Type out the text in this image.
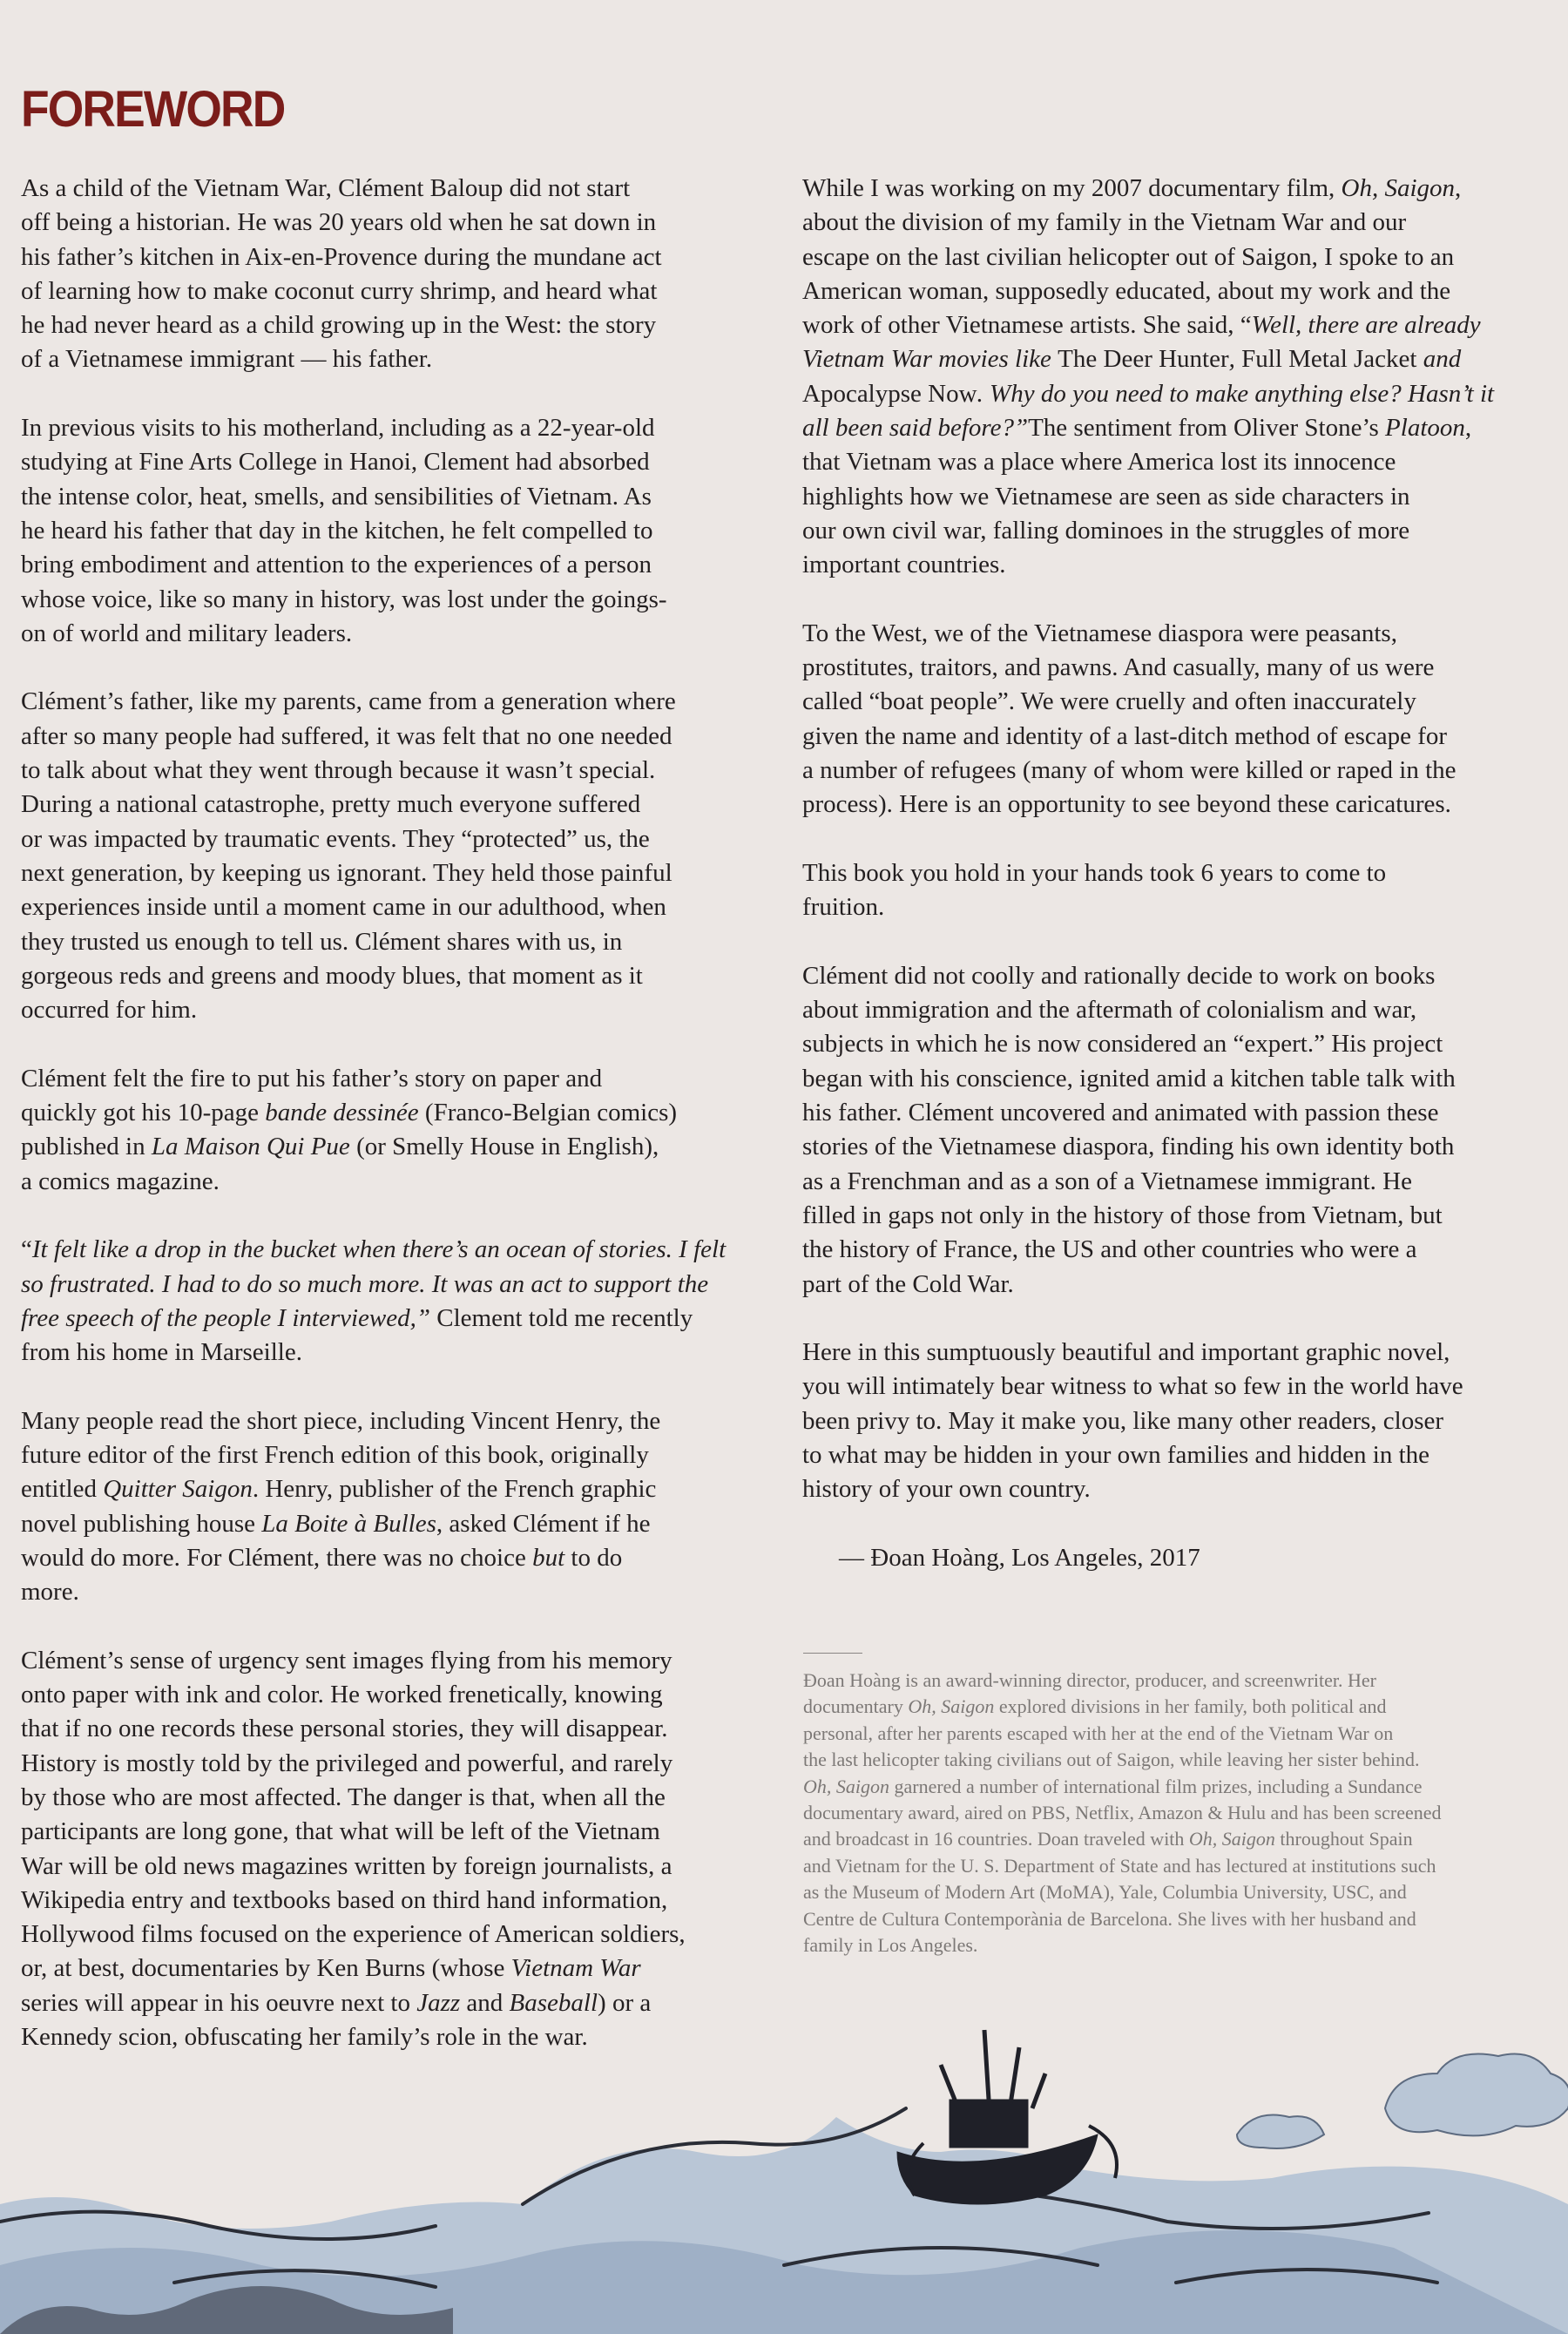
FOREWORD

As a child of the Vietnam War, Clément Baloup did not start
off being a historian. He was 20 years old when he sat down in
his father’s kitchen in Aix-en-Provence during the mundane act
of learning how to make coconut curry shrimp, and heard what
he had never heard as a child growing up in the West: the story
of a Vietnamese immigrant — his father.

In previous visits to his motherland, including as a 22-year-old
studying at Fine Arts College in Hanoi, Clement had absorbed
the intense color, heat, smells, and sensibilities of Vietnam. As
he heard his father that day in the kitchen, he felt compelled to
bring embodiment and attention to the experiences of a person
whose voice, like so many in history, was lost under the goings-
on of world and military leaders.

Clément’s father, like my parents, came from a generation where
after so many people had suffered, it was felt that no one needed
to talk about what they went through because it wasn’t special.
During a national catastrophe, pretty much everyone suffered
or was impacted by traumatic events. They “protected” us, the
next generation, by keeping us ignorant. They held those painful
experiences inside until a moment came in our adulthood, when
they trusted us enough to tell us. Clément shares with us, in
gorgeous reds and greens and moody blues, that moment as it
occurred for him.

Clément felt the fire to put his father’s story on paper and
quickly got his 10-page bande dessinée (Franco-Belgian comics)
published in La Maison Qui Pue (or Smelly House in English),
a comics magazine.

“It felt like a drop in the bucket when there’s an ocean of stories. I felt
so frustrated. I had to do so much more. It was an act to support the
free speech of the people I interviewed,” Clement told me recently
from his home in Marseille.

Many people read the short piece, including Vincent Henry, the
future editor of the first French edition of this book, originally
entitled Quitter Saigon. Henry, publisher of the French graphic
novel publishing house La Boite à Bulles, asked Clément if he
would do more. For Clément, there was no choice but to do
more.

Clément’s sense of urgency sent images flying from his memory
onto paper with ink and color. He worked frenetically, knowing
that if no one records these personal stories, they will disappear.
History is mostly told by the privileged and powerful, and rarely
by those who are most affected. The danger is that, when all the
participants are long gone, that what will be left of the Vietnam
War will be old news magazines written by foreign journalists, a
Wikipedia entry and textbooks based on third hand information,
Hollywood films focused on the experience of American soldiers,
or, at best, documentaries by Ken Burns (whose Vietnam War
series will appear in his oeuvre next to Jazz and Baseball) or a
Kennedy scion, obfuscating her family’s role in the war.

While I was working on my 2007 documentary film, Oh, Saigon,
about the division of my family in the Vietnam War and our
escape on the last civilian helicopter out of Saigon, I spoke to an
American woman, supposedly educated, about my work and the
work of other Vietnamese artists. She said, “Well, there are already
Vietnam War movies like The Deer Hunter, Full Metal Jacket and
Apocalypse Now. Why do you need to make anything else? Hasn’t it
all been said before?”The sentiment from Oliver Stone’s Platoon,
that Vietnam was a place where America lost its innocence
highlights how we Vietnamese are seen as side characters in
our own civil war, falling dominoes in the struggles of more
important countries.

To the West, we of the Vietnamese diaspora were peasants,
prostitutes, traitors, and pawns. And casually, many of us were
called “boat people”. We were cruelly and often inaccurately
given the name and identity of a last-ditch method of escape for
a number of refugees (many of whom were killed or raped in the
process). Here is an opportunity to see beyond these caricatures.

This book you hold in your hands took 6 years to come to
fruition.

Clément did not coolly and rationally decide to work on books
about immigration and the aftermath of colonialism and war,
subjects in which he is now considered an “expert.” His project
began with his conscience, ignited amid a kitchen table talk with
his father. Clément uncovered and animated with passion these
stories of the Vietnamese diaspora, finding his own identity both
as a Frenchman and as a son of a Vietnamese immigrant. He
filled in gaps not only in the history of those from Vietnam, but
the history of France, the US and other countries who were a
part of the Cold War.

Here in this sumptuously beautiful and important graphic novel,
you will intimately bear witness to what so few in the world have
been privy to. May it make you, like many other readers, closer
to what may be hidden in your own families and hidden in the
history of your own country.

— Đoan Hoàng, Los Angeles, 2017
Đoan Hoàng is an award-winning director, producer, and screenwriter. Her
documentary Oh, Saigon explored divisions in her family, both political and
personal, after her parents escaped with her at the end of the Vietnam War on
the last helicopter taking civilians out of Saigon, while leaving her sister behind.
Oh, Saigon garnered a number of international film prizes, including a Sundance
documentary award, aired on PBS, Netflix, Amazon & Hulu and has been screened
and broadcast in 16 countries. Doan traveled with Oh, Saigon throughout Spain
and Vietnam for the U. S. Department of State and has lectured at institutions such
as the Museum of Modern Art (MoMA), Yale, Columbia University, USC, and
Centre de Cultura Contemporània de Barcelona. She lives with her husband and
family in Los Angeles.
